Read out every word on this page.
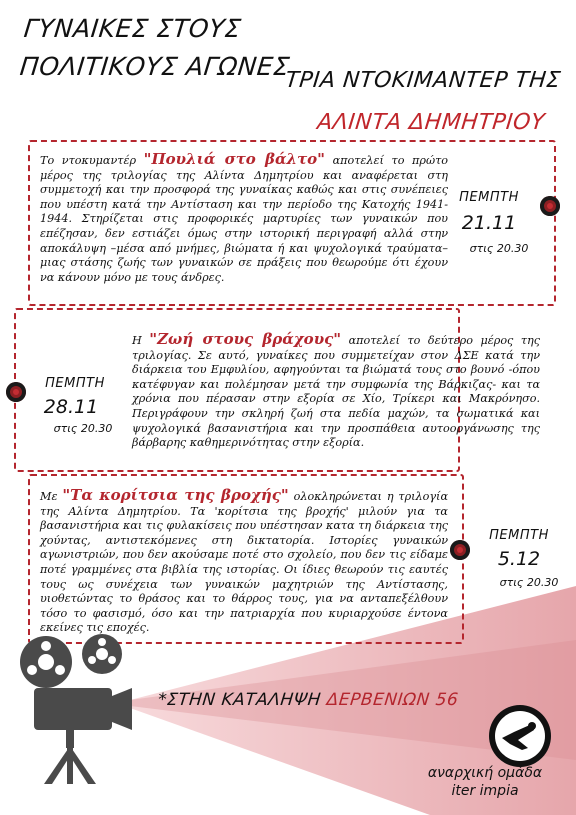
ΓΥΝΑΙΚΕΣ ΣΤΟΥΣ
ΠΟΛΙΤΙΚΟΥΣ ΑΓΩΝΕΣ
ΤΡΙΑ ΝΤΟΚΙΜΑΝΤΕΡ ΤΗΣ
ΑΛΙΝΤΑ ΔΗΜΗΤΡΙΟΥ
Το ντοκυμαντέρ "Πουλιά στο βάλτο" αποτελεί το πρώτο μέρος της τριλογίας της Αλίντα Δημητρίου και αναφέρεται στη συμμετοχή και την προσφορά της γυναίκας καθώς και στις συνέπειες που υπέστη κατά την Αντίσταση και την περίοδο της Κατοχής 1941-1944. Στηρίζεται στις προφορικές μαρτυρίες των γυναικών που επέζησαν, δεν εστιάζει όμως στην ιστορική περιγραφή αλλά στην αποκάλυψη –μέσα από μνήμες, βιώματα ή και ψυχολογικά τραύματα– μιας στάσης ζωής των γυναικών σε πράξεις που θεωρούμε ότι έχουν να κάνουν μόνο με τους άνδρες.
ΠΕΜΠΤΗ
21.11
στις 20.30
Η "Ζωή στους βράχους" αποτελεί το δεύτερο μέρος της τριλογίας. Σε αυτό, γυναίκες που συμμετείχαν στον ΔΣΕ κατά την διάρκεια του Εμφυλίου, αφηγούνται τα βιώματά τους στο βουνό -όπου κατέφυγαν και πολέμησαν μετά την συμφωνία της Βάρκιζας- και τα χρόνια που πέρασαν στην εξορία σε Χίο, Τρίκερι και Μακρόνησο. Περιγράφουν την σκληρή ζωή στα πεδία μαχών, τα σωματικά και ψυχολογικά βασανιστήρια και την προσπάθεια αυτοοργάνωσης της βάρβαρης καθημερινότητας στην εξορία.
ΠΕΜΠΤΗ
28.11
στις 20.30
Με "Τα κορίτσια της βροχής" ολοκληρώνεται η τριλογία της Αλίντα Δημητρίου. Τα 'κορίτσια της βροχής' μιλούν για τα βασανιστήρια και τις φυλακίσεις που υπέστησαν κατα τη διάρκεια της χούντας, αντιστεκόμενες στη δικτατορία. Ιστορίες γυναικών αγωνιστριών, που δεν ακούσαμε ποτέ στο σχολείο, που δεν τις είδαμε ποτέ γραμμένες στα βιβλία της ιστορίας. Οι ίδιες θεωρούν τις εαυτές τους ως συνέχεια των γυναικών μαχητριών της Αντίστασης, υιοθετώντας το θράσος και το θάρρος τους, για να ανταπεξέλθουν τόσο το φασισμό, όσο και την πατριαρχία που κυριαρχούσε έντονα εκείνες τις εποχές.
ΠΕΜΠΤΗ
5.12
στις 20.30
*ΣΤΗΝ ΚΑΤΑΛΗΨΗ ΔΕΡΒΕΝΙΩΝ 56
αναρχική ομάδα
iter impia
